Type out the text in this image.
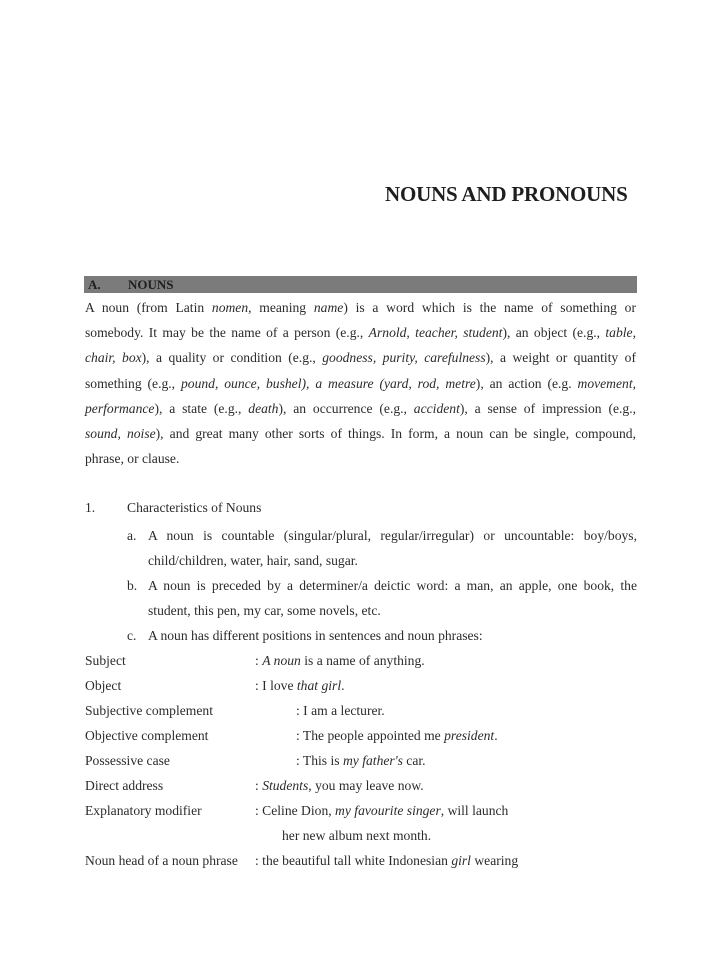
NOUNS AND PRONOUNS
A. NOUNS
A noun (from Latin nomen, meaning name) is a word which is the name of something or
somebody. It may be the name of a person (e.g., Arnold, teacher, student), an object (e.g., table,
chair, box), a quality or condition (e.g., goodness, purity, carefulness), a weight or quantity of
something (e.g., pound, ounce, bushel), a measure (yard, rod, metre), an action (e.g. movement,
performance), a state (e.g., death), an occurrence (e.g., accident), a sense of impression (e.g.,
sound, noise), and great many other sorts of things. In form, a noun can be single, compound,
phrase, or clause.
1. Characteristics of Nouns
a. A noun is countable (singular/plural, regular/irregular) or uncountable: boy/boys,
child/children, water, hair, sand, sugar.
b. A noun is preceded by a determiner/a deictic word: a man, an apple, one book, the
student, this pen, my car, some novels, etc.
c. A noun has different positions in sentences and noun phrases:
Subject	: A noun is a name of anything.
Object	: I love that girl.
Subjective complement	: I am a lecturer.
Objective complement	: The people appointed me president.
Possessive case	: This is my father's car.
Direct address	: Students, you may leave now.
Explanatory modifier	: Celine Dion, my favourite singer, will launch
her new album next month.
Noun head of a noun phrase : the beautiful tall white Indonesian girl wearing
